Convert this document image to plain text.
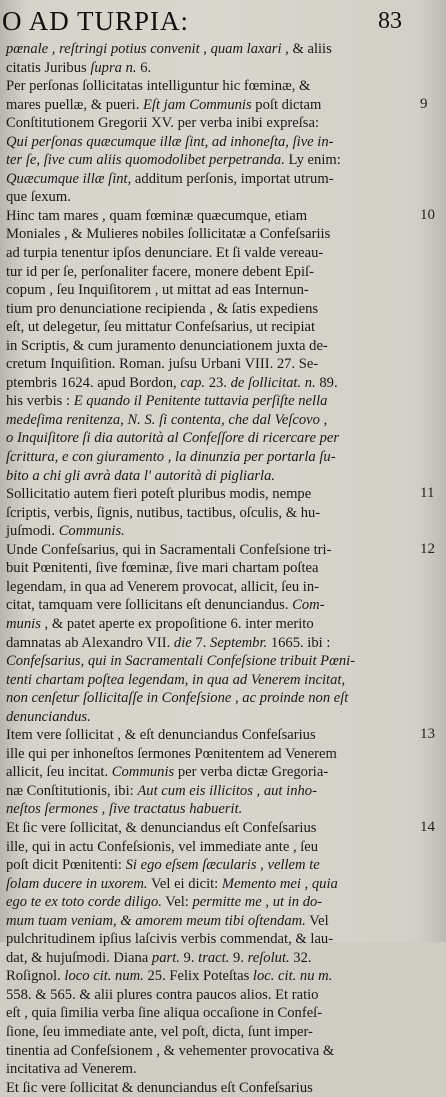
O AD TURPIA:	83
pœnale , reſtringi potius convenit , quam laxari , & aliis
citatis Juribus ſupra n. 6.
Per perſonas ſollicitatas intelliguntur hic fœminæ, &
mares puellæ, & pueri. Eſt jam Communis poſt dictam
Conſtitutionem Gregorii XV. per verba inibi expreſsa:
Qui perſonas quæcumque illæ ſint, ad inhoneſta, ſive in-
ter ſe, ſive cum aliis quomodolibet perpetranda. Ly enim:
Quæcumque illæ ſint, additum perſonis, importat utrum-
que ſexum.
Hinc tam mares , quam fœminæ quæcumque, etiam
Moniales , & Mulieres nobiles ſollicitatæ a Confeſsariis
ad turpia tenentur ipſos denunciare. Et ſi valde vereau-
tur id per ſe, perſonaliter facere, monere debent Epiſ-
copum , ſeu Inquiſitorem , ut mittat ad eas Internun-
tium pro denunciatione recipienda , & ſatis expediens
eſt, ut delegetur, ſeu mittatur Confeſsarius, ut recipiat
in Scriptis, & cum juramento denunciationem juxta de-
cretum Inquiſition. Roman. juſsu Urbani VIII. 27. Se-
ptembris 1624. apud Bordon, cap. 23. de ſollicitat. n. 89.
his verbis : E quando il Penitente tuttavia perſiſte nella
medeſima renitenza, N. S. ſi contenta, che dal Veſcovo ,
o Inquiſitore ſi dia autorità al Confeſſore di ricercare per
ſcrittura, e con giuramento , la dinunzia per portarla ſu-
bito a chi gli avrà data l' autorità di pigliarla.
Sollicitatio autem fieri poteſt pluribus modis, nempe
ſcriptis, verbis, ſignis, nutibus, tactibus, oſculis, & hu-
juſmodi. Communis.
Unde Confeſsarius, qui in Sacramentali Confeſsione tri-
buit Pœnitenti, ſive fœminæ, ſive mari chartam poſtea
legendam, in qua ad Venerem provocat, allicit, ſeu in-
citat, tamquam vere ſollicitans eſt denunciandus. Com-
munis , & patet aperte ex propoſitione 6. inter merito
damnatas ab Alexandro VII. die 7. Septembr. 1665. ibi :
Confeſsarius, qui in Sacramentali Confeſsione tribuit Pœni-
tenti chartam poſtea legendam, in qua ad Venerem incitat,
non cenſetur ſollicitaſſe in Confeſsione , ac proinde non eſt
denunciandus.
Item vere ſollicitat , & eſt denunciandus Confeſsarius
ille qui per inhoneſtos ſermones Pœnitentem ad Venerem
allicit, ſeu incitat. Communis per verba dictæ Gregoria-
næ Conſtitutionis, ibi: Aut cum eis illicitos , aut inho-
neſtos ſermones , ſive tractatus habuerit.
Et ſic vere ſollicitat, & denunciandus eſt Confeſsarius
ille, qui in actu Confeſsionis, vel immediate ante , ſeu
poſt dicit Pœnitenti: Si ego eſsem ſæcularis , vellem te
ſolam ducere in uxorem. Vel ei dicit: Memento mei , quia
ego te ex toto corde diligo. Vel: permitte me , ut in do-
mum tuam veniam, & amorem meum tibi oſtendam. Vel
pulchritudinem ipſius laſcivis verbis commendat, & lau-
dat, & hujuſmodi. Diana part. 9. tract. 9. reſolut. 32.
Roſignol. loco cit. num. 25. Felix Poteſtas loc. cit. nu m.
558. & 565. & alii plures contra paucos alios. Et ratio
eſt , quia ſimilia verba ſine aliqua occaſione in Confeſ-
ſione, ſeu immediate ante, vel poſt, dicta, ſunt imper-
tinentia ad Confeſsionem , & vehementer provocativa &
incitativa ad Venerem.
Et ſic vere ſollicitat & denunciandus eſt Confeſsarius
9
10
11
12
13
14
